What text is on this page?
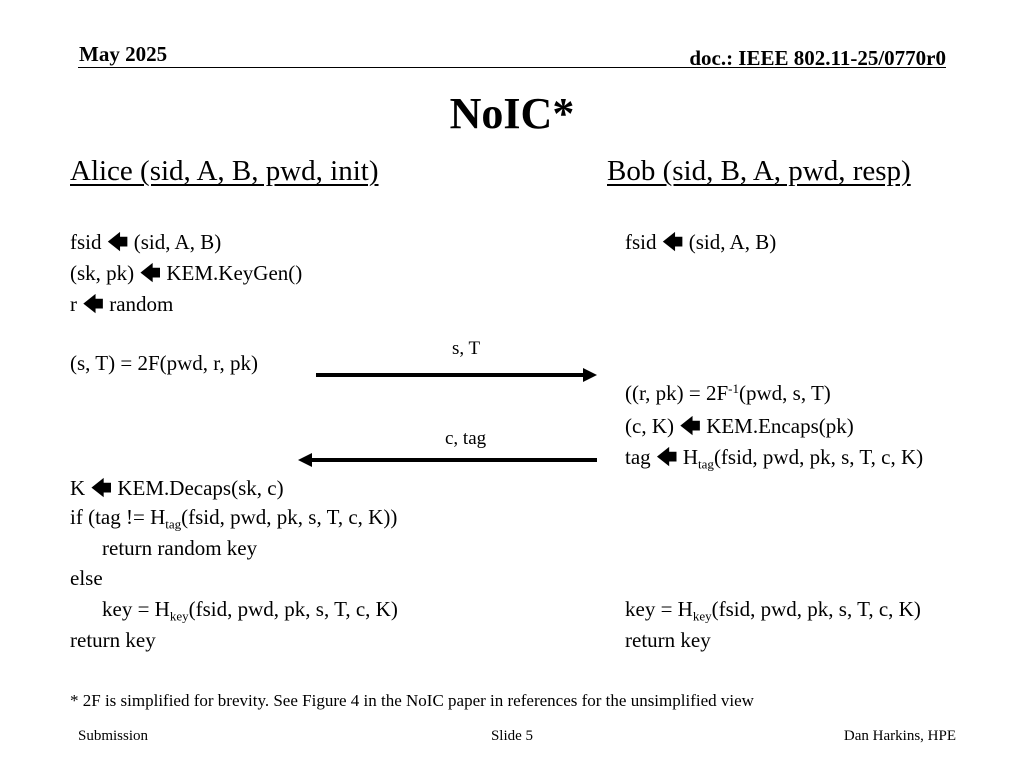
May 2025	doc.: IEEE 802.11-25/0770r0
NoIC*
Alice (sid, A, B, pwd, init)	Bob (sid, B, A, pwd, resp)
fsid 🡄 (sid, A, B)
(sk, pk) 🡄 KEM.KeyGen()
r 🡄 random
(s, T) = 2F(pwd, r, pk)
K 🡄 KEM.Decaps(sk, c)
if (tag != $H_{tag}(fsid$, pwd, pk, s, T, c, K))
return random key
else
key = $H_{key}(fsid$, pwd, pk, s, T, c, K)
return key
fsid 🡄 (sid, A, B)
((r, $pk) = 2F^{-1}(pwd$, s, T)
(c, K) 🡄 KEM.Encaps(pk)
tag 🡄 $H_{tag}(fsid$, pwd, pk, s, T, c, K)
key = $H_{key}(fsid$, pwd, pk, s, T, c, K)
return key
s, T
c, tag
* 2F is simplified for brevity. See Figure 4 in the NoIC paper in references for the unsimplified view
Submission	Slide 5	Dan Harkins, HPE
